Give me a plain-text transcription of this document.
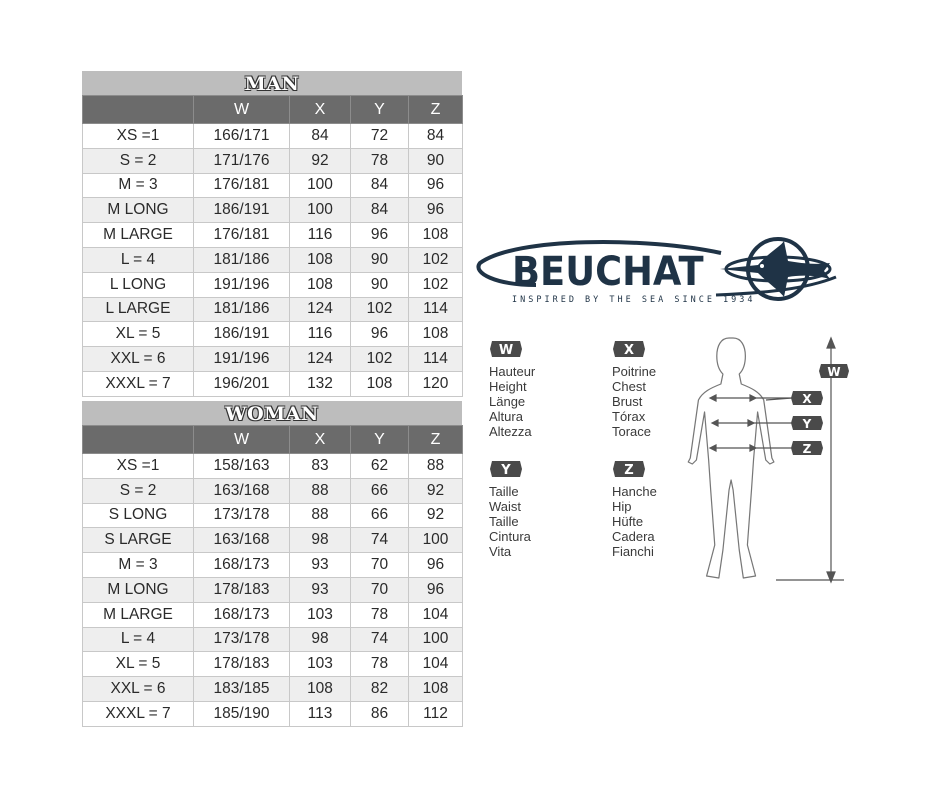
MAN
	W	X	Y	Z
XS =1	166/171	84	72	84
S = 2	171/176	92	78	90
M = 3	176/181	100	84	96
M LONG	186/191	100	84	96
M LARGE	176/181	116	96	108
L = 4	181/186	108	90	102
L LONG	191/196	108	90	102
L LARGE	181/186	124	102	114
XL = 5	186/191	116	96	108
XXL = 6	191/196	124	102	114
XXXL = 7	196/201	132	108	120
WOMAN
	W	X	Y	Z
XS =1	158/163	83	62	88
S = 2	163/168	88	66	92
S LONG	173/178	88	66	92
S LARGE	163/168	98	74	100
M = 3	168/173	93	70	96
M LONG	178/183	93	70	96
M LARGE	168/173	103	78	104
L = 4	173/178	98	74	100
XL = 5	178/183	103	78	104
XXL = 6	183/185	108	82	108
XXXL = 7	185/190	113	86	112
BEUCHAT
INSPIRED BY THE SEA SINCE 1934
W
Hauteur
Height
Länge
Altura
Altezza
X
Poitrine
Chest
Brust
Tórax
Torace
Y
Taille
Waist
Taille
Cintura
Vita
Z
Hanche
Hip
Hüfte
Cadera
Fianchi
X
Y
Z
W
